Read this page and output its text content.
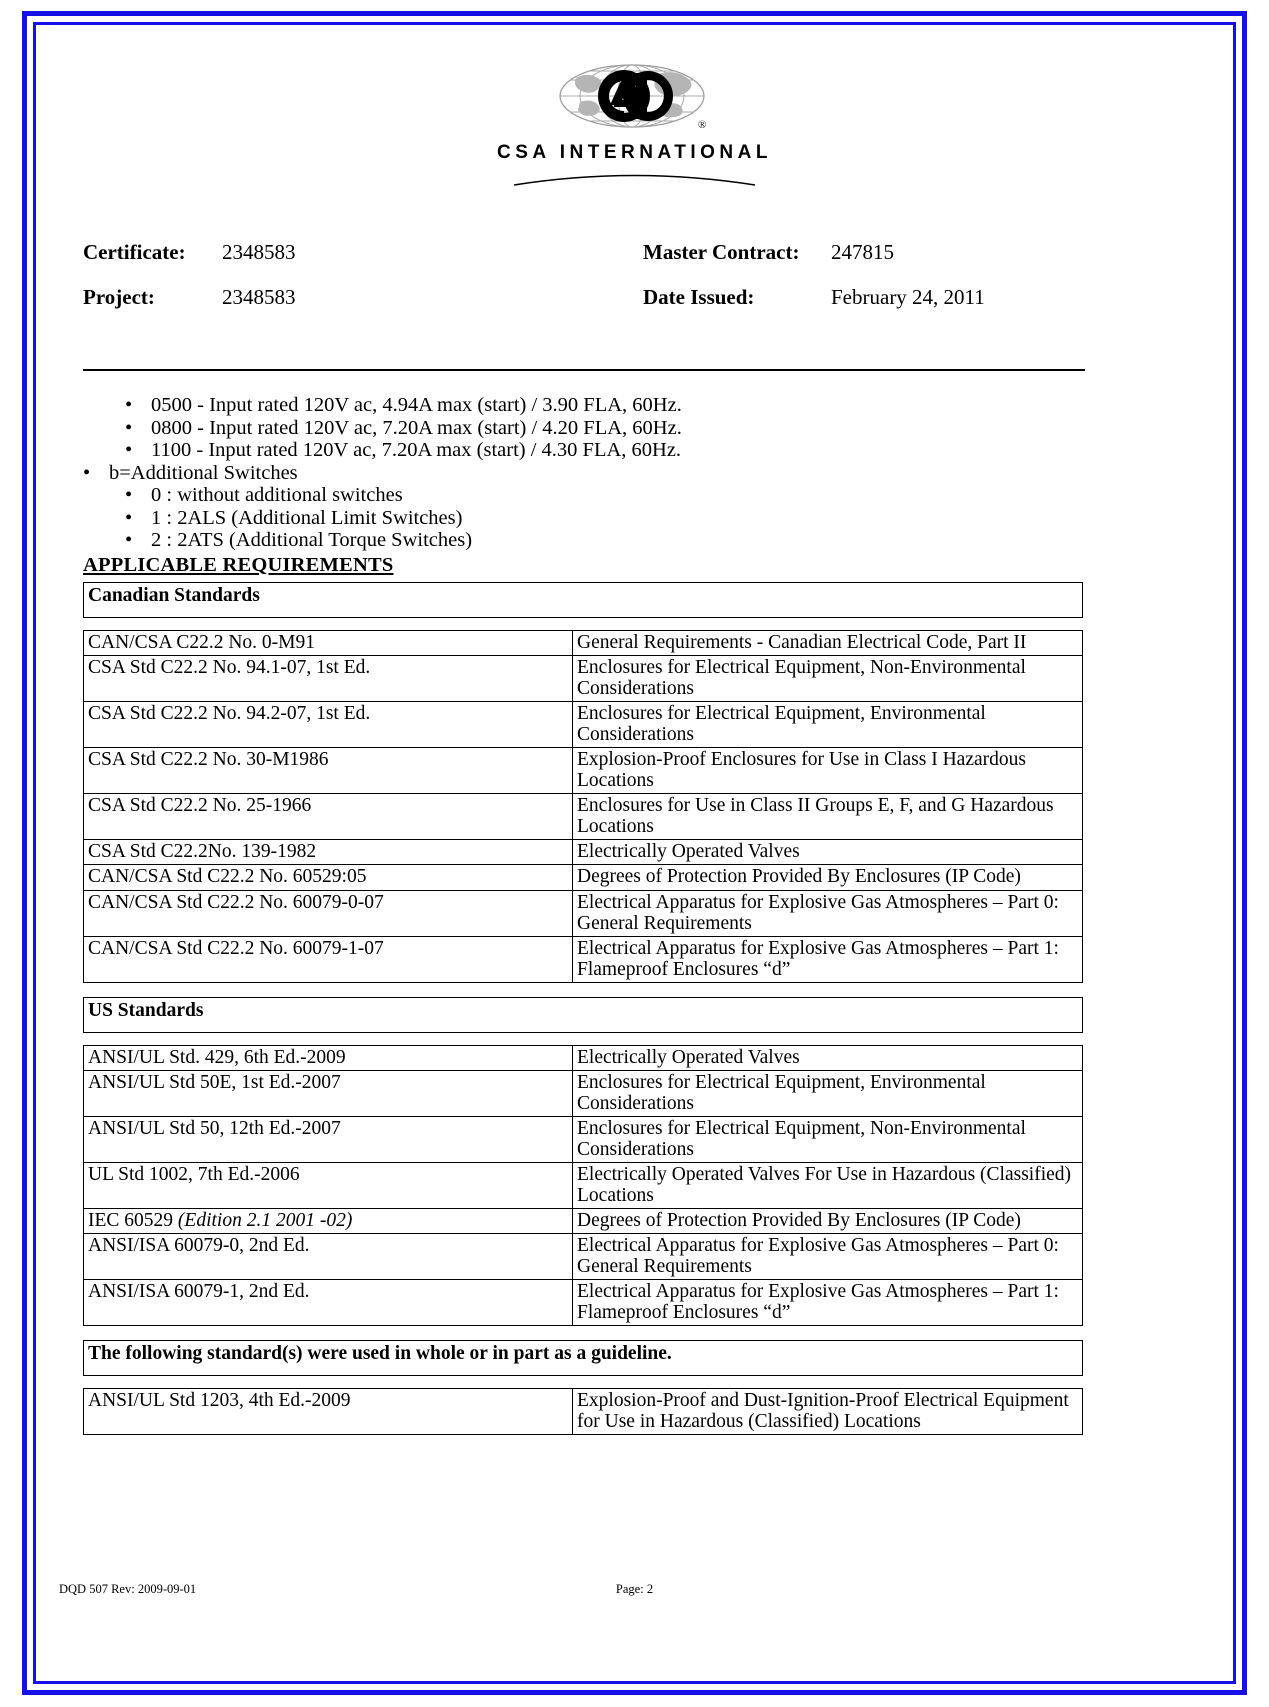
®
CSA INTERNATIONAL
Certificate:	2348583	Master Contract:	247815
Project:	2348583	Date Issued:	February 24, 2011
• 0500 - Input rated 120V ac, 4.94A max (start) / 3.90 FLA, 60Hz.
• 0800 - Input rated 120V ac, 7.20A max (start) / 4.20 FLA, 60Hz.
• 1100 - Input rated 120V ac, 7.20A max (start) / 4.30 FLA, 60Hz.
• b=Additional Switches
• 0 : without additional switches
• 1 : 2ALS (Additional Limit Switches)
• 2 : 2ATS (Additional Torque Switches)
APPLICABLE REQUIREMENTS
Canadian Standards
CAN/CSA C22.2 No. 0-M91	General Requirements - Canadian Electrical Code, Part II
CSA Std C22.2 No. 94.1-07, 1st Ed.	Enclosures for Electrical Equipment, Non-Environmental Considerations
CSA Std C22.2 No. 94.2-07, 1st Ed.	Enclosures for Electrical Equipment, Environmental Considerations
CSA Std C22.2 No. 30-M1986	Explosion-Proof Enclosures for Use in Class I Hazardous Locations
CSA Std C22.2 No. 25-1966	Enclosures for Use in Class II Groups E, F, and G Hazardous Locations
CSA Std C22.2No. 139-1982	Electrically Operated Valves
CAN/CSA Std C22.2 No. 60529:05	Degrees of Protection Provided By Enclosures (IP Code)
CAN/CSA Std C22.2 No. 60079-0-07	Electrical Apparatus for Explosive Gas Atmospheres – Part 0: General Requirements
CAN/CSA Std C22.2 No. 60079-1-07	Electrical Apparatus for Explosive Gas Atmospheres – Part 1: Flameproof Enclosures “d”
US Standards
ANSI/UL Std. 429, 6th Ed.-2009	Electrically Operated Valves
ANSI/UL Std 50E, 1st Ed.-2007	Enclosures for Electrical Equipment, Environmental Considerations
ANSI/UL Std 50, 12th Ed.-2007	Enclosures for Electrical Equipment, Non-Environmental Considerations
UL Std 1002, 7th Ed.-2006	Electrically Operated Valves For Use in Hazardous (Classified) Locations
IEC 60529 (Edition 2.1 2001 -02)	Degrees of Protection Provided By Enclosures (IP Code)
ANSI/ISA 60079-0, 2nd Ed.	Electrical Apparatus for Explosive Gas Atmospheres – Part 0: General Requirements
ANSI/ISA 60079-1, 2nd Ed.	Electrical Apparatus for Explosive Gas Atmospheres – Part 1: Flameproof Enclosures “d”
The following standard(s) were used in whole or in part as a guideline.
ANSI/UL Std 1203, 4th Ed.-2009	Explosion-Proof and Dust-Ignition-Proof Electrical Equipment for Use in Hazardous (Classified) Locations
DQD 507 Rev: 2009-09-01	Page: 2
